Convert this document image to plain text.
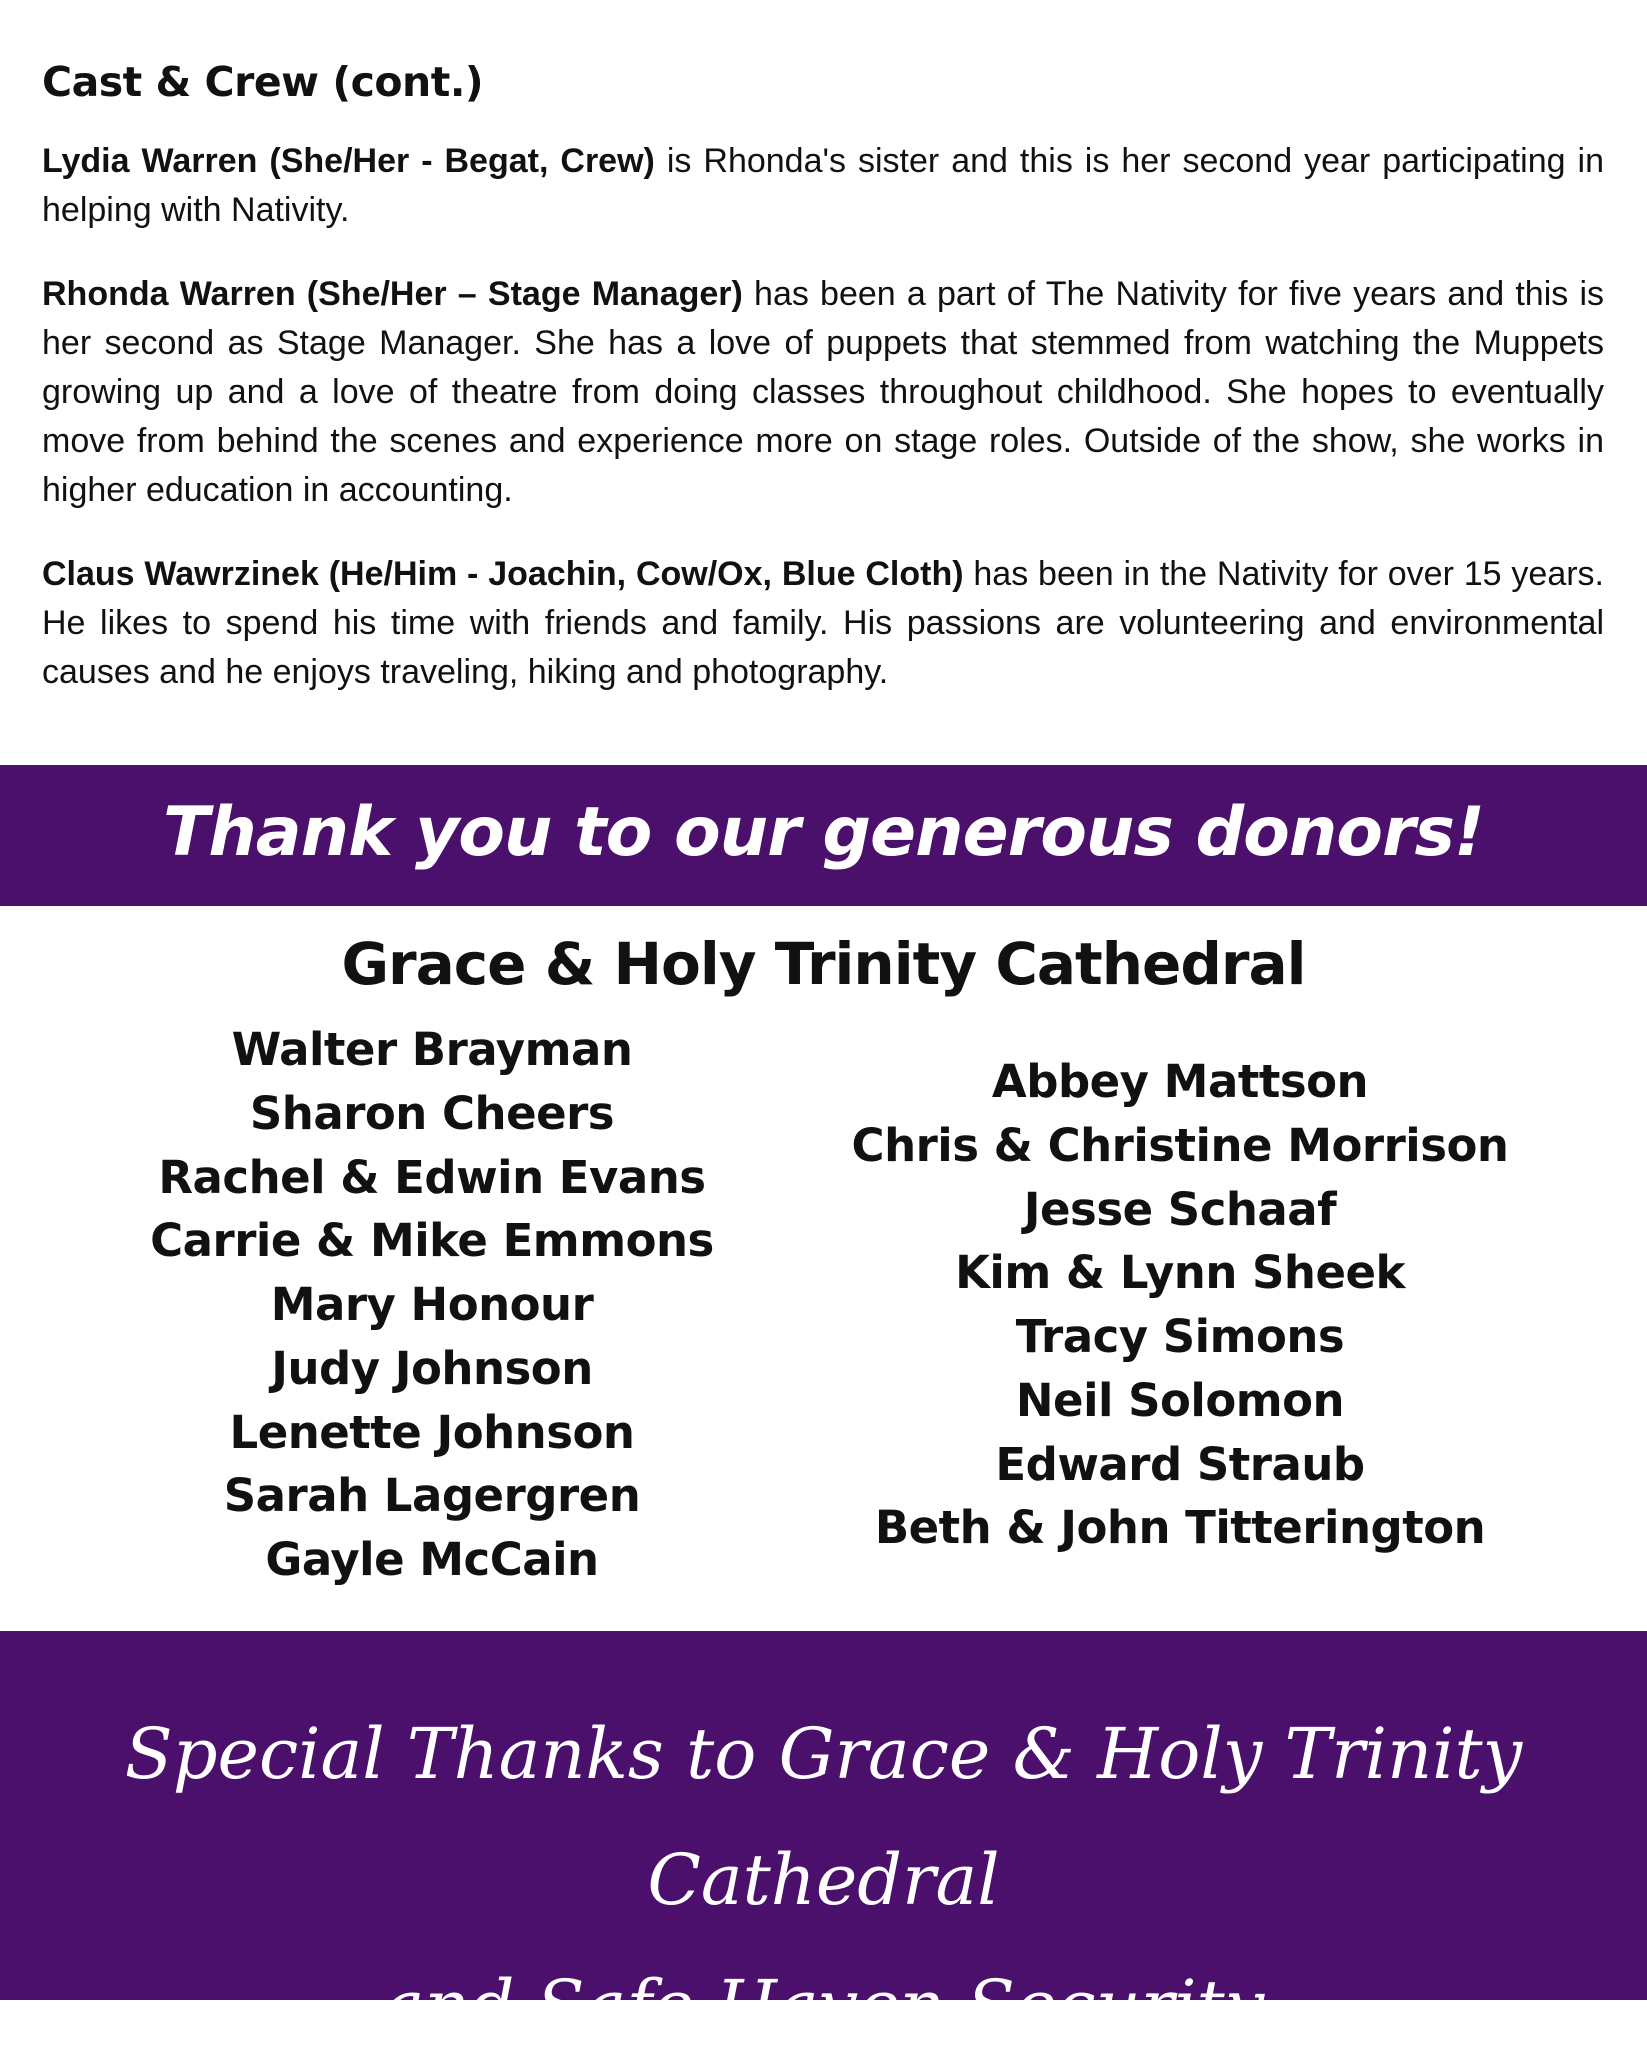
Cast & Crew (cont.)

Lydia Warren (She/Her - Begat, Crew) is Rhonda's sister and this is her second year participating in helping with Nativity.

Rhonda Warren (She/Her – Stage Manager) has been a part of The Nativity for five years and this is her second as Stage Manager. She has a love of puppets that stemmed from watching the Muppets growing up and a love of theatre from doing classes throughout childhood. She hopes to eventually move from behind the scenes and experience more on stage roles. Outside of the show, she works in higher education in accounting.

Claus Wawrzinek (He/Him - Joachin, Cow/Ox, Blue Cloth) has been in the Nativity for over 15 years. He likes to spend his time with friends and family. His passions are volunteering and environmental causes and he enjoys traveling, hiking and photography.

Thank you to our generous donors!
Grace & Holy Trinity Cathedral
Walter Brayman
Sharon Cheers
Rachel & Edwin Evans
Carrie & Mike Emmons
Mary Honour
Judy Johnson
Lenette Johnson
Sarah Lagergren
Gayle McCain
Abbey Mattson
Chris & Christine Morrison
Jesse Schaaf
Kim & Lynn Sheek
Tracy Simons
Neil Solomon
Edward Straub
Beth & John Titterington
Special Thanks to Grace & Holy Trinity Cathedral
and Safe Haven Security
